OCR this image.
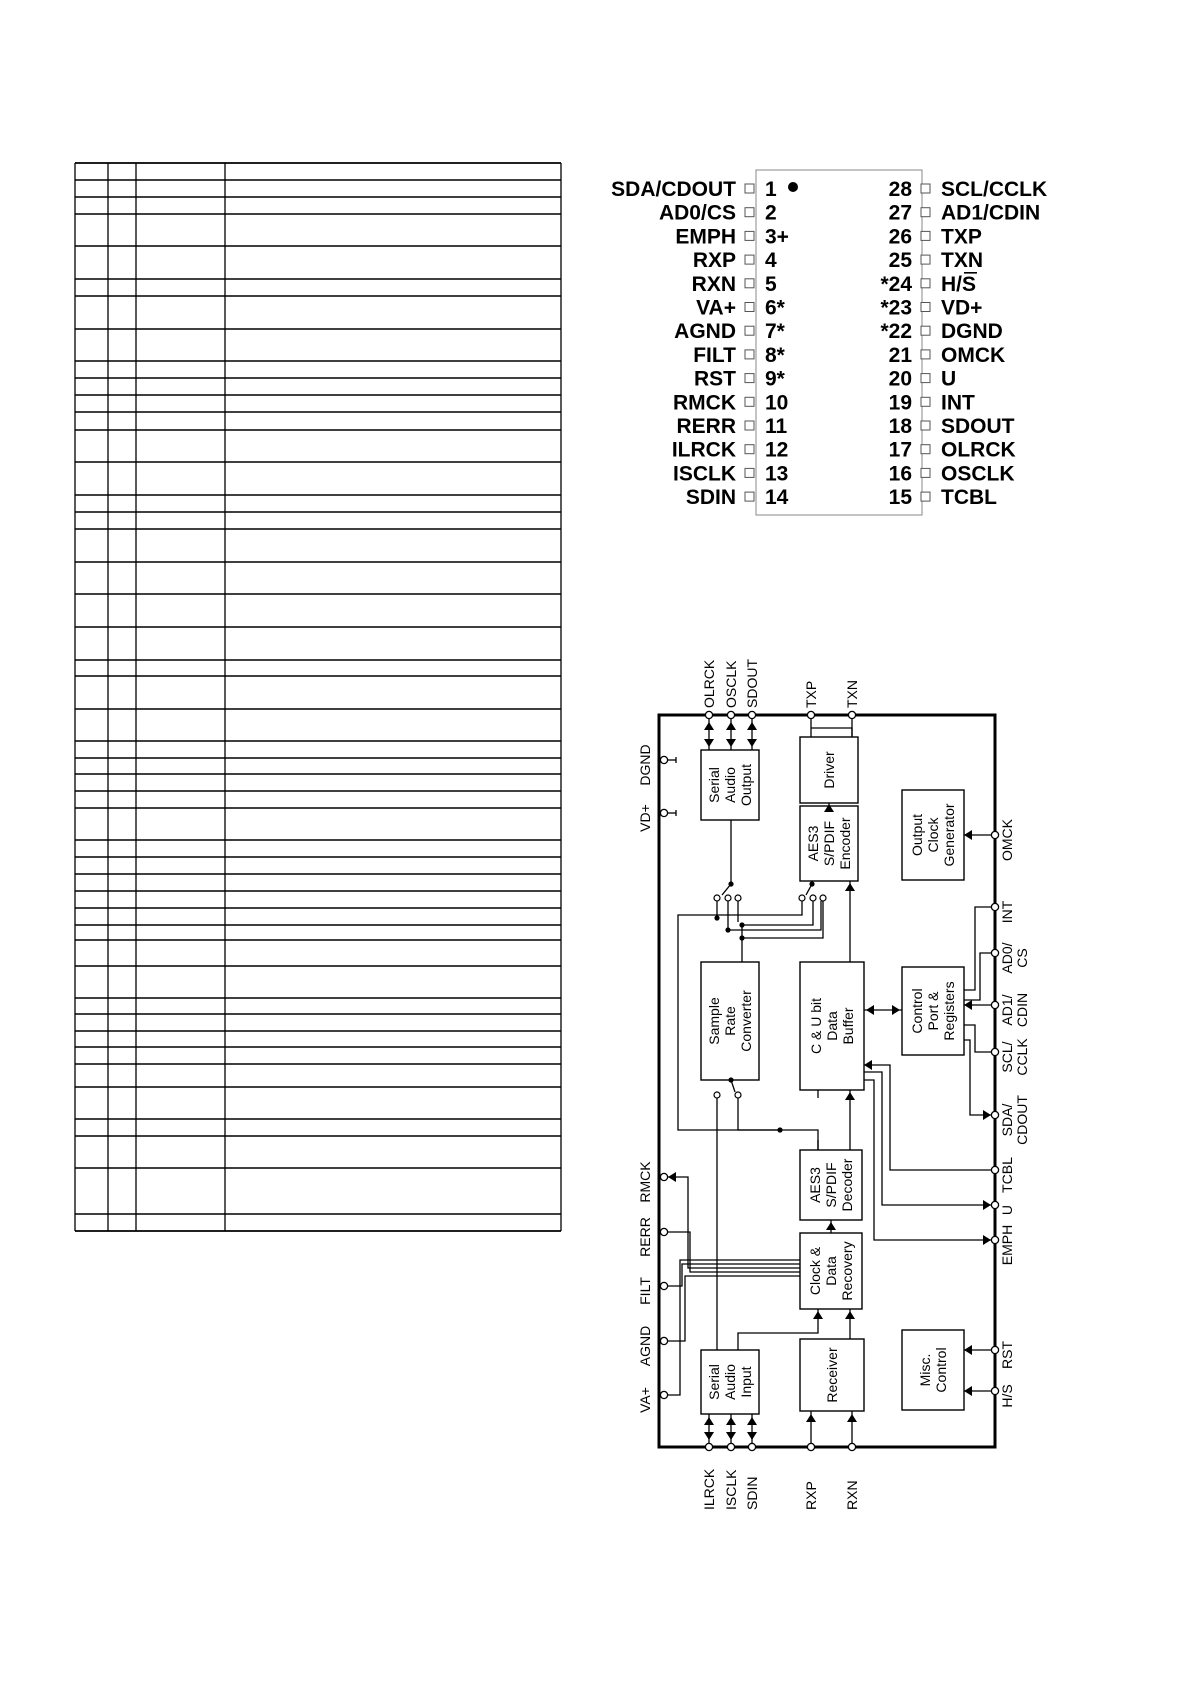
SDA/CDOUT 1
AD0/CS 2
EMPH 3+
RXP 4
RXN 5
VA+ 6*
AGND 7*
FILT 8*
RST 9*
RMCK 10
RERR 11
ILRCK 12
ISCLK 13
SDIN 14
28 SCL/CCLK
27 AD1/CDIN
26 TXP
25 TXN
*24 H/S
*23 VD+
*22 DGND
21 OMCK
20 U
19 INT
18 SDOUT
17 OLRCK
16 OSCLK
15 TCBL
Serial Audio Output	Driver
AES3 S/PDIF Encoder	Output Clock Generator
Sample Rate Converter	C & U bit Data Buffer	Control Port & Registers
AES3 S/PDIF Decoder
Clock & Data Recovery
Serial Audio Input	Receiver	Misc. Control
OLRCK OSCLK SDOUT	TXP TXN
ILRCK ISCLK SDIN	RXP RXN
DGND
VD+
RMCK
RERR
FILT
AGND
VA+
OMCK
INT
AD0/ CS
AD1/ CDIN
SCL/ CCLK
SDA/ CDOUT
TCBL
U
EMPH
RST
H/S
